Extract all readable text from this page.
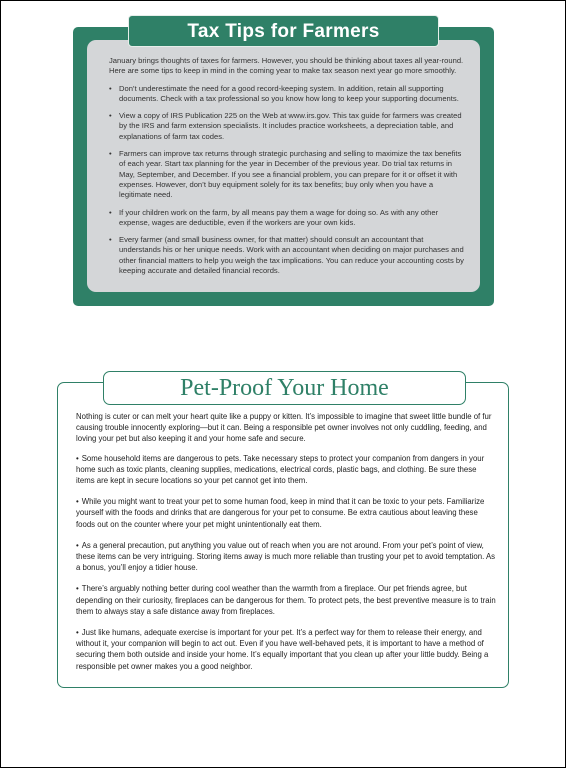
Tax Tips for Farmers

January brings thoughts of taxes for farmers. However, you should be thinking about taxes all year-round. Here are some tips to keep in mind in the coming year to make tax season next year go more smoothly.

• Don’t underestimate the need for a good record-keeping system. In addition, retain all supporting documents. Check with a tax professional so you know how long to keep your supporting documents.
• View a copy of IRS Publication 225 on the Web at www.irs.gov. This tax guide for farmers was created by the IRS and farm extension specialists. It includes practice worksheets, a depreciation table, and explanations of farm tax codes.
• Farmers can improve tax returns through strategic purchasing and selling to maximize the tax benefits of each year. Start tax planning for the year in December of the previous year. Do trial tax returns in May, September, and December. If you see a financial problem, you can prepare for it or offset it with expenses. However, don’t buy equipment solely for its tax benefits; buy only when you have a legitimate need.
• If your children work on the farm, by all means pay them a wage for doing so. As with any other expense, wages are deductible, even if the workers are your own kids.
• Every farmer (and small business owner, for that matter) should consult an accountant that understands his or her unique needs. Work with an accountant when deciding on major purchases and other financial matters to help you weigh the tax implications. You can reduce your accounting costs by keeping accurate and detailed financial records.
Pet-Proof Your Home

Nothing is cuter or can melt your heart quite like a puppy or kitten. It’s impossible to imagine that sweet little bundle of fur causing trouble innocently exploring—but it can. Being a responsible pet owner involves not only cuddling, feeding, and loving your pet but also keeping it and your home safe and secure.

• Some household items are dangerous to pets. Take necessary steps to protect your companion from dangers in your home such as toxic plants, cleaning supplies, medications, electrical cords, plastic bags, and clothing. Be sure these items are kept in secure locations so your pet cannot get into them.
• While you might want to treat your pet to some human food, keep in mind that it can be toxic to your pets. Familiarize yourself with the foods and drinks that are dangerous for your pet to consume. Be extra cautious about leaving these foods out on the counter where your pet might unintentionally eat them.
• As a general precaution, put anything you value out of reach when you are not around. From your pet’s point of view, these items can be very intriguing. Storing items away is much more reliable than trusting your pet to avoid temptation. As a bonus, you’ll enjoy a tidier house.
• There’s arguably nothing better during cool weather than the warmth from a fireplace. Our pet friends agree, but depending on their curiosity, fireplaces can be dangerous for them. To protect pets, the best preventive measure is to train them to always stay a safe distance away from fireplaces.
• Just like humans, adequate exercise is important for your pet. It’s a perfect way for them to release their energy, and without it, your companion will begin to act out. Even if you have well-behaved pets, it is important to have a method of securing them both outside and inside your home. It’s equally important that you clean up after your little buddy. Being a responsible pet owner makes you a good neighbor.
